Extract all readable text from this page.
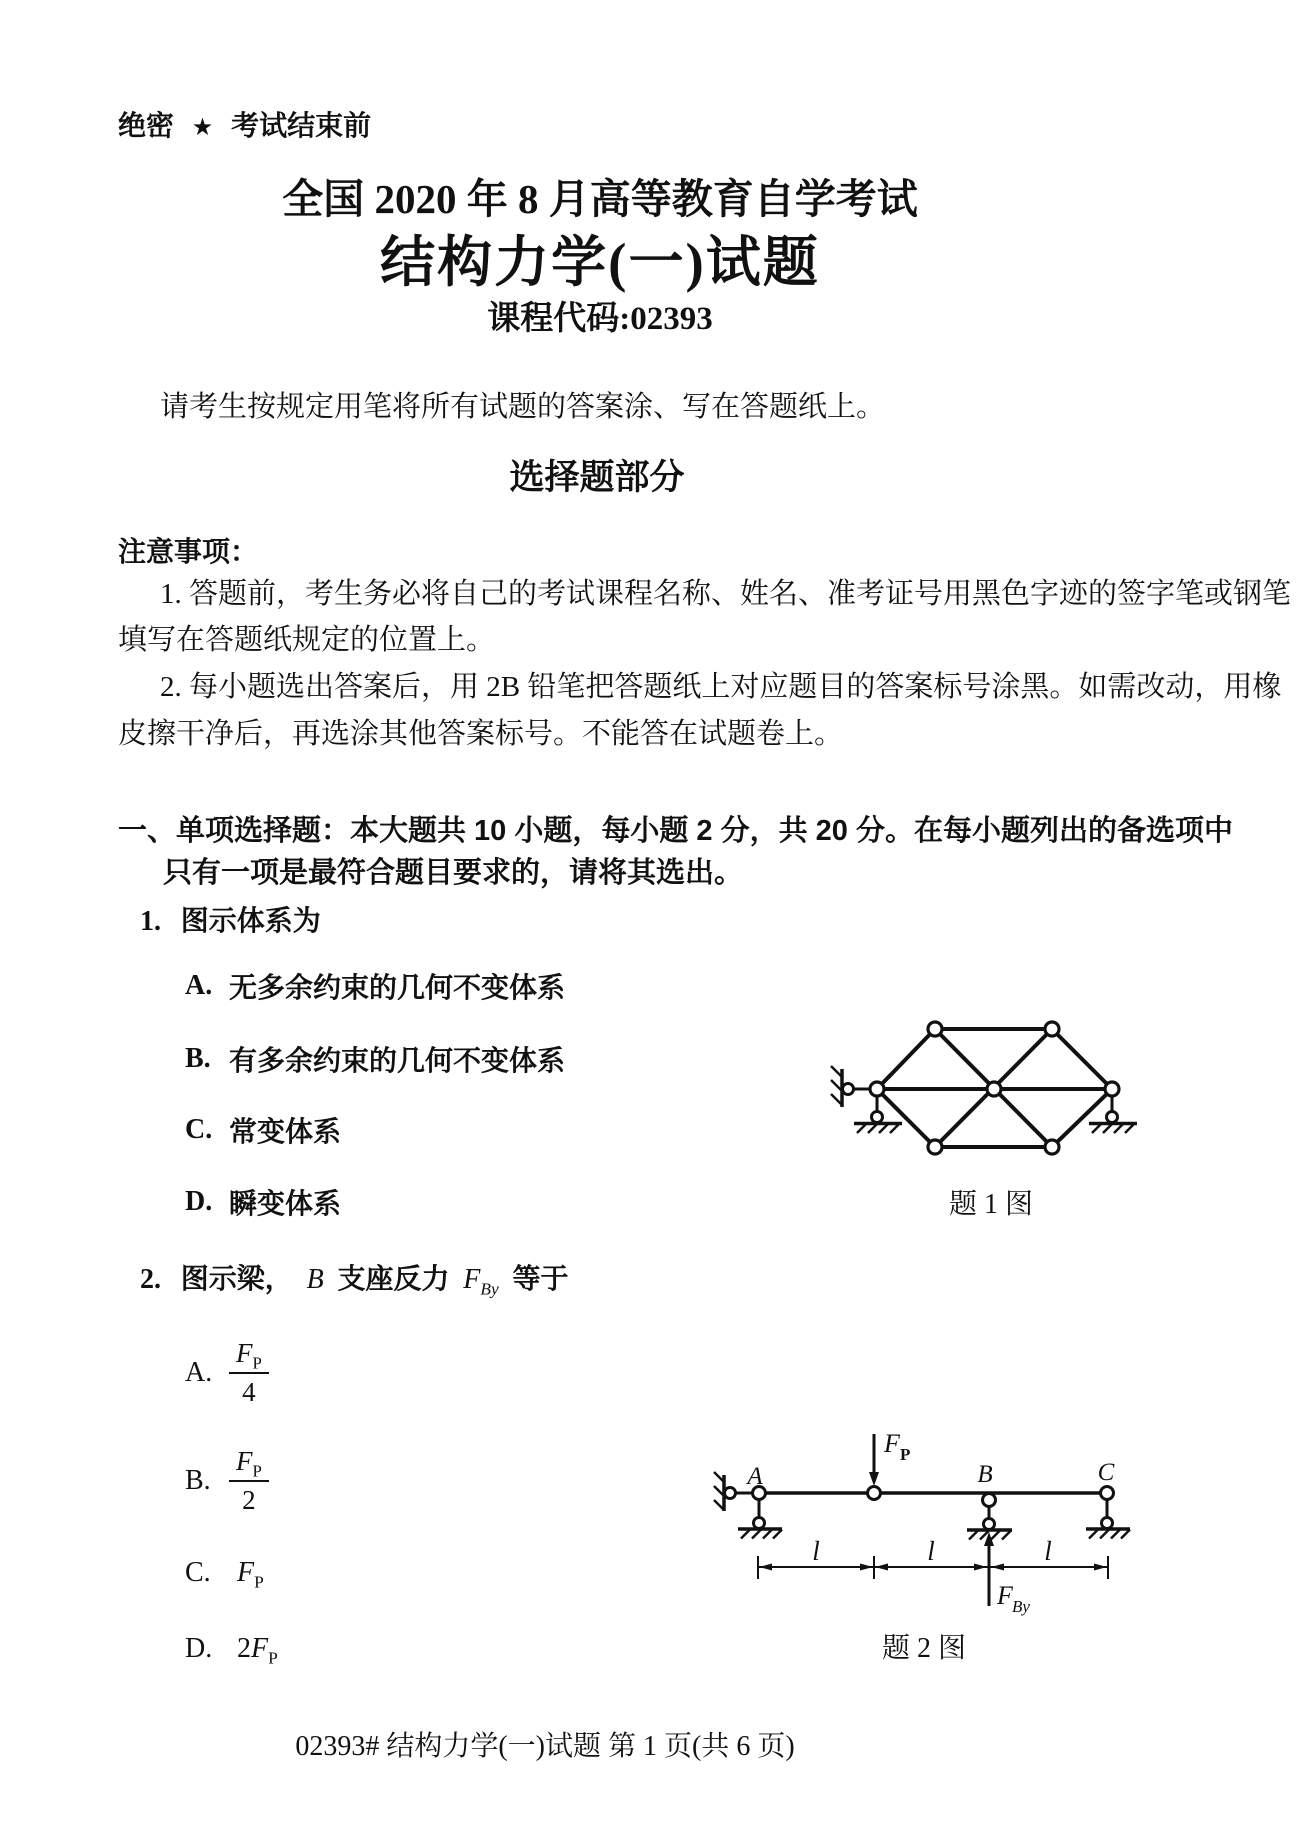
绝密 ★ 考试结束前
全国 2020 年 8 月高等教育自学考试
结构力学(一)试题
课程代码:02393
请考生按规定用笔将所有试题的答案涂、写在答题纸上。
选择题部分
注意事项：
1. 答题前，考生务必将自己的考试课程名称、姓名、准考证号用黑色字迹的签字笔或钢笔
填写在答题纸规定的位置上。
2. 每小题选出答案后，用 2B 铅笔把答题纸上对应题目的答案标号涂黑。如需改动，用橡
皮擦干净后，再选涂其他答案标号。不能答在试题卷上。
一、单项选择题：本大题共 10 小题，每小题 2 分，共 20 分。在每小题列出的备选项中
只有一项是最符合题目要求的，请将其选出。
1. 图示体系为
A. 无多余约束的几何不变体系
B. 有多余约束的几何不变体系
C. 常变体系
D. 瞬变体系	题 1 图
2. 图示梁， B 支座反力 $F_{By}$ 等于
A. $\frac{F_P}{4}$
B. $\frac{F_P}{2}$
C. $F_P$
D. $2F_P$
F P
A	B	C
l	l	l
F By
题 2 图
02393# 结构力学(一)试题 第 1 页(共 6 页)
